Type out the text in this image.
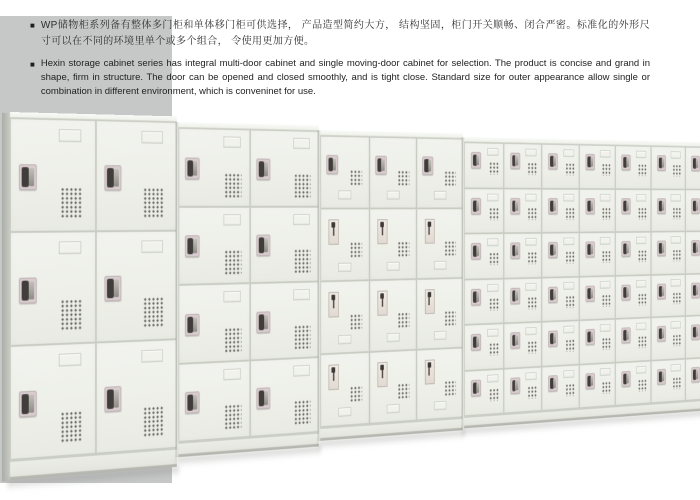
■ WP储物柜系列备有整体多门柜和单体移门柜可供选择， 产品造型简约大方， 结构坚固，柜门开关顺畅、闭合严密。标准化的外形尺寸可以在不同的环境里单个或多个组合， 令使用更加方便。

■ Hexin storage cabinet series has integral multi-door cabinet and single moving-door cabinet for selection. The product is concise and grand in shape, firm in structure. The door can be opened and closed smoothly, and is tight close. Standard size for outer appearance allow single or combination in different environment, which is conveninet for use.
